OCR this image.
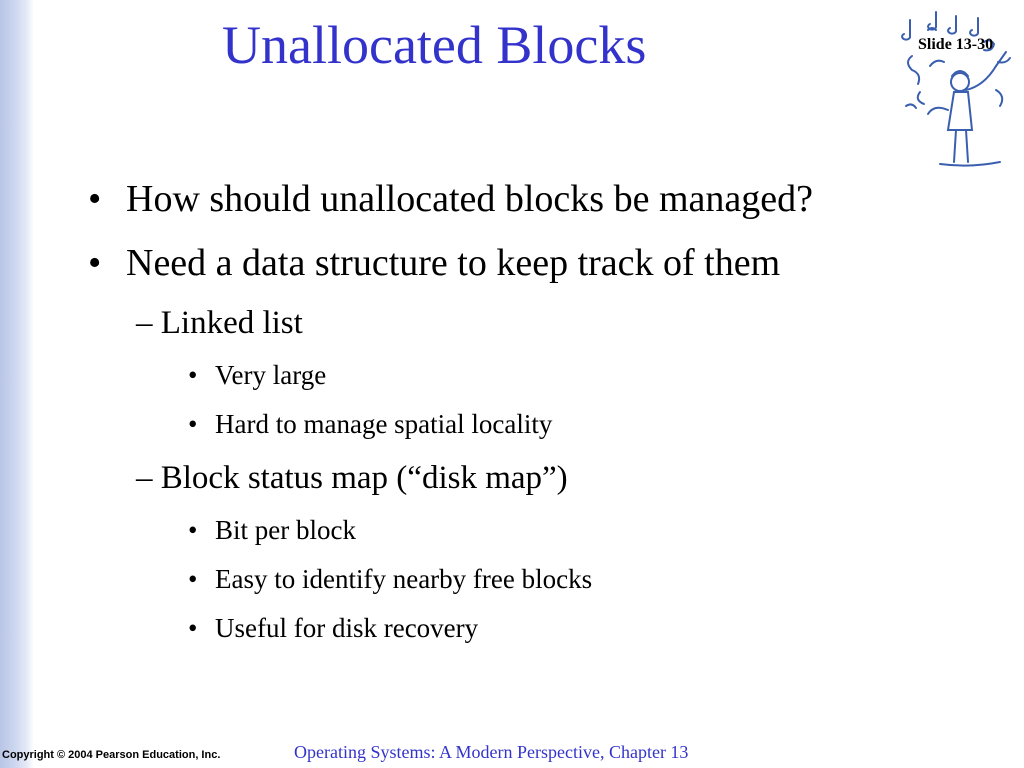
Unallocated Blocks	Slide 13-30
• How should unallocated blocks be managed?
• Need a data structure to keep track of them
– Linked list
• Very large
• Hard to manage spatial locality
– Block status map (“disk map”)
• Bit per block
• Easy to identify nearby free blocks
• Useful for disk recovery
Copyright © 2004 Pearson Education, Inc.	Operating Systems: A Modern Perspective, Chapter 13
